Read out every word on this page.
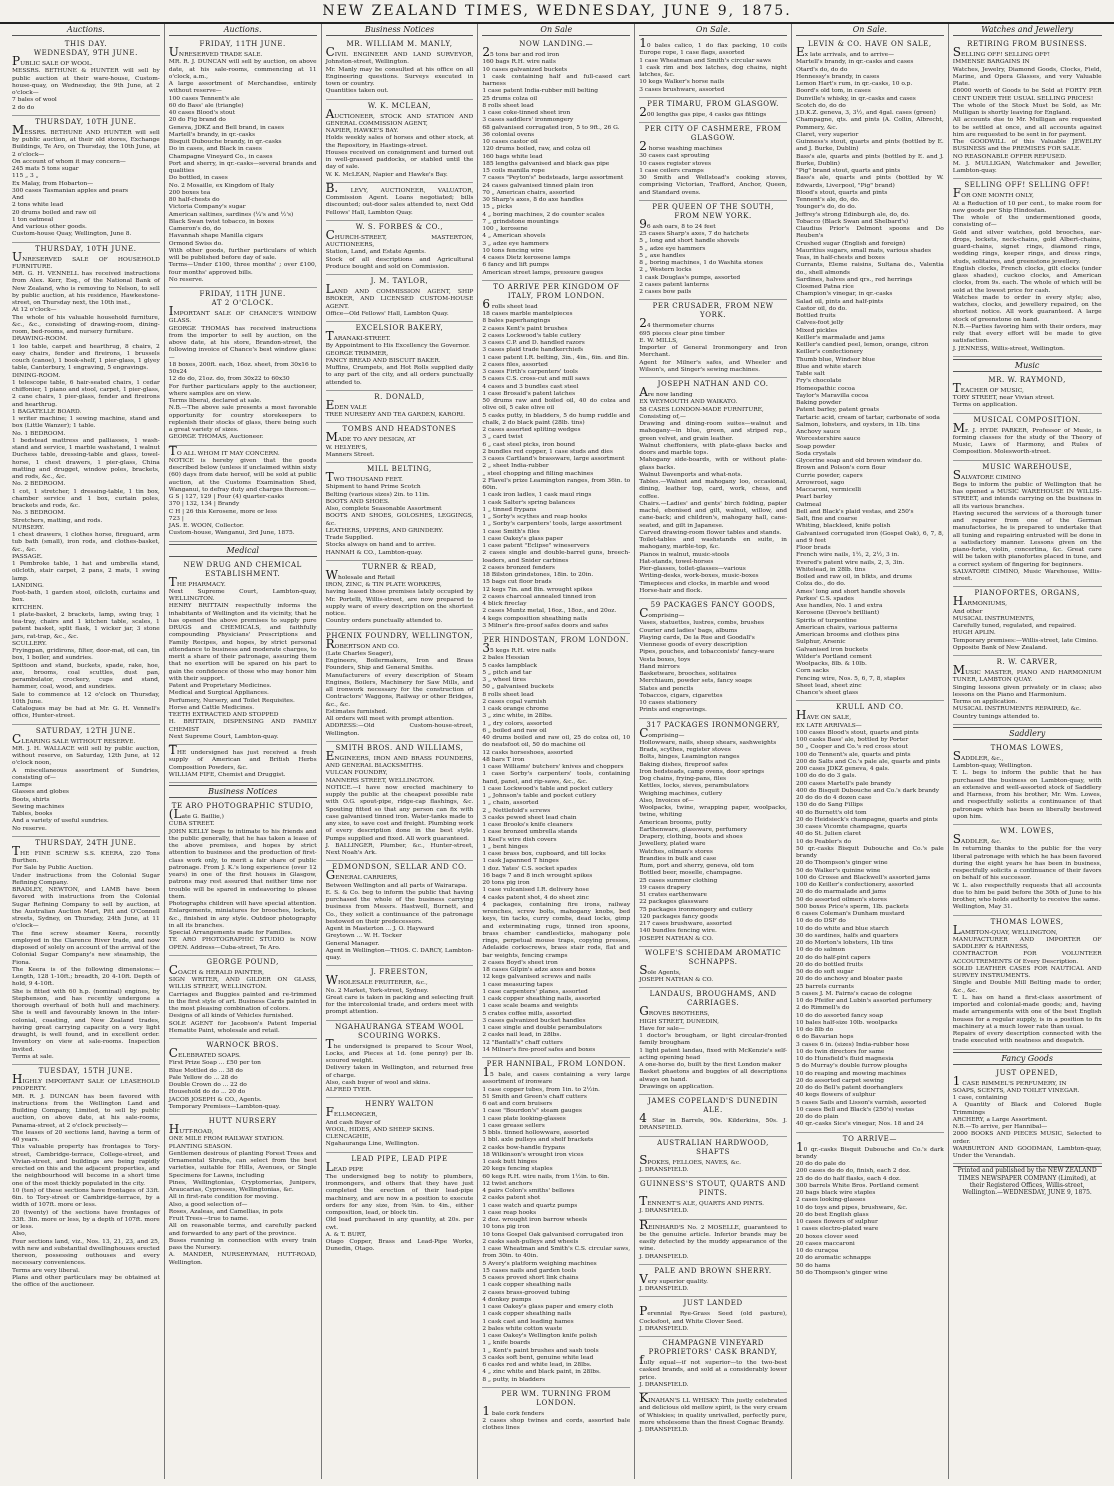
NEW ZEALAND TIMES, WEDNESDAY, JUNE 9, 1875.
Auctions.
THIS DAY.
WEDNESDAY, 9TH JUNE.
PUBLIC SALE OF WOOL.
MESSRS. BETHUNE & HUNTER will sell by public auction at their ware-house, Custom-house-quay, on Wednesday, the 9th June, at 2 o'clock—
7 bales of wool
2 do do
THURSDAY, 10TH JUNE.
MESSRS. BETHUNE AND HUNTER will sell by public auction, at their old stores, Exchange Buildings, Te Aro, on Thursday, the 10th June, at 2 o'clock—
On account of whom it may concern—
245 mats 5 tons sugar
115 „ 3 „
Ex Malay, from Hobarton—
300 cases Tasmanian apples and pears
And
2 tons white lead
20 drums boiled and raw oil
1 ton oatmeal
And various other goods.
Custom-house Quay, Wellington, June 8.
THURSDAY, 10TH JUNE.
UNRESERVED SALE OF HOUSEHOLD FURNITURE.
MR. G. H. VENNELL has received instructions from Alex. Kerr, Esq., of the National Bank of New Zealand, who is removing to Nelson, to sell by public auction, at his residence, Hawkestone-street, on Thursday next, the 10th inst.,
At 12 o'clock—
The whole of his valuable household furniture, &c., &c., consisting of drawing-room, dining-room, bed-rooms, and nursery furniture.
DRAWING-ROOM.
1 loo table, carpet and hearthrug, 8 chairs, 2 easy chairs, fender and fireirons, 1 brussels couch (canoe), 1 book-shelf, 1 pier-glass, 1 glyey table, Canterbury, 1 engraving, 5 engravings.
DINING-ROOM.
1 telescope table, 6 hair-seated chairs, 1 cedar chiffonier, 1 piano and stool, carpet, 1 pier-glass, 2 cane chairs, 1 pier-glass, fender and fireirons and hearthrug.
1 BAGATELLE BOARD.
1 writer machine; 1 sewing machine, stand and box (Little Wanzer); 1 table.
No. 1 BEDROOM.
1 bedstead mattress and palliasses, 1 wash-stand and service, 1 marble washstand, 1 walnut Duchess table, dressing-table and glass, towel-horse, 1 chest drawers, 1 pier-glass, China matting and drugget, window poles, brackets, and rods, &c., &c.
No. 2 BEDROOM.
1 cot, 1 stretcher, 1 dressing-table, 1 tin box, chamber service and 1 box, curtain poles, brackets and rods, &c.
No. 3 BEDROOM.
Stretchers, matting, and rods.
NURSERY.
1 chest drawers, 1 clothes horse, fireguard, arm tub bath (small), iron rods, and clothes-basket, &c., &c.
PASSAGE.
1 Pembroke table, 1 hat and umbrella stand, oilcloth, stair carpet, 2 pans, 2 mats, 1 swing lamp.
LANDING.
Foot-bath, 1 garden stool, oilcloth, curtains and box.
KITCHEN.
1 plate-basket, 2 brackets, lamp, swing tray, 1 tea-tray, chairs and 1 kitchen table, scales, 1 patent basket, split flask, 1 wicker jar, 3 stone jars, rat-trap, &c., &c.
SCULLERY.
Fryingpan, gridirons, filter, door-mat, oil can, tin box, 1 boiler, and sundries.
Spittoon and stand, buckets, spade, rake, hoe, axe, brooms, coal scuttles, dust pan, perambulator, crockery, cups and stand, hammer, coal, wood, and sundries.
Sale to commence at 12 o'clock on Thursday, 10th June.
Catalogues may be had at Mr. G. H. Vennell's office, Hunter-street.
SATURDAY, 12TH JUNE.
CLEARING SALE WITHOUT RESERVE.
MR. J. H. WALLACE will sell by public auction, without reserve, on Saturday, 12th June, at 12 o'clock noon,
A miscellaneous assortment of Sundries, consisting of—
Lamps
Glasses and globes
Boots, shirts
Sewing machines
Tables, books
And a variety of useful sundries.
No reserve.
THURSDAY, 24TH JUNE.
THE FINE SCREW S.S. KEERA, 220 Tons Burthen.
For Sale by Public Auction.
Under instructions from the Colonial Sugar Refining Company.
BRADLEY, NEWTON, and LAMB have been favored with instructions from the Colonial Sugar Refining Company to sell by auction, at the Australian Auction Mart, Pitt and O'Connell streets, Sydney, on Thursday, 24th June, at 11 o'clock—
The fine screw steamer Keera, recently employed in the Clarence River trade, and now disposed of solely on account of the arrival of the Colonial Sugar Company's new steamship, the Fiona.
The Keera is of the following dimensions:—Length, 128 1-10ft.; breadth, 20 4-10ft. Depth of hold, 9 4-10ft.
She is fitted with 60 h.p. (nominal) engines, by Stephenson, and has recently undergone a thorough overhaul of both hull and machinery. She is well and favourably known in the inter-colonial, coasting, and New Zealand trades, having great carrying capacity on a very light draught, is well found, and in excellent order. Inventory on view at sale-rooms. Inspection invited.
Terms at sale.
TUESDAY, 15TH JUNE.
HIGHLY IMPORTANT SALE OF LEASEHOLD PROPERTY.
MR. R. J. DUNCAN has been favored with instructions from the Wellington Land and Building Company, Limited, to sell by public auction, on above date, at his sale-rooms, Panama-street, at 2 o'clock precisely—
The leases of 20 sections land, having a term of 40 years.
This valuable property has frontages to Tory-street, Cambridge-terrace, College-street, and Vivian-street, and buildings are being rapidly erected on this and the adjacent properties, and the neighbourhood will become in a short time one of the most thickly populated in the city.
10 (ten) of these sections have frontages of 33ft. 6in. to Tory-street or Cambridge-terrace, by a width of 107ft. more or less.
20 (twenty) of the sections have frontages of 33ft. 3in. more or less, by a depth of 107ft. more or less.
Also,
Four sections land, viz., Nos. 13, 21, 23, and 25, with new and substantial dwellinghouses erected thereon, possessing outhouses and every necessary conveniences.
Terms are very liberal.
Plans and other particulars may be obtained at the office of the auctioneer.
Auctions.
FRIDAY, 11TH JUNE.
UNRESERVED TRADE SALE.
MR. R. J. DUNCAN will sell by auction, on above date, at his sale-rooms, commencing at 11 o'clock, a.m.,
A large assortment of Merchandise, entirely without reserve—
100 cases Tennent's ale
60 do Bass' ale (triangle)
40 cases Blood's stout
20 do Fig brand do
Geneva, JDKZ and Bell brand, in cases
Martell's brandy, in qr.-casks
Bisquit Dubouche brandy, in qr.-casks
Do in cases, and Black in cases
Champagne Vineyard Co., in cases
Port and sherry, in qr.-casks—several brands and qualities
Do bottled, in cases
No. 2 Mosaille, ex Kingdom of Italy
200 boxes tea
80 half-chests do
Victoria Company's sugar
American saltines, sardines (¼'s and ½'s)
Black Swan twist tobacco, in boxes
Cameron's do, do
Havannah shape Manilla cigars
Ormond Swiss do.
With other goods, further particulars of which will be published before day of sale.
Terms—Under £100, three months' ; over £100, four months' approved bills.
No reserve.
FRIDAY, 11TH JUNE.
AT 2 O'CLOCK.
IMPORTANT SALE OF CHANCE'S WINDOW GLASS.
GEORGE THOMAS has received instructions from the importer to sell by auction, on the above date, at his store, Brandon-street, the following invoice of Chance's best window glass:—
18 boxes, 200ft. each, 16oz. sheet, from 30x16 to 50x24
12 do do, 21oz. do, from 30x22 to 60x30
For further particulars apply to the auctioneer, where samples are on view.
Terms liberal, declared at sale.
N.B.—The above sale presents a most favorable opportunity for country storekeepers to replenish their stocks of glass, there being such a great variety of sizes.
GEORGE THOMAS, Auctioneer.
TO ALL WHOM IT MAY CONCERN.
NOTICE is hereby given that the goods described below (unless if unclaimed within sixty (60) days from date hereof, will be sold at public auction, at the Customs Examination Shed, Wanganui, to defray duty and charges thereon:—
G S | 127, 129 | Four (4) quarter-casks
370 | 132, 134 | Brandy
C H | 26 this Kerosene, more or less
723 |
JAS. E. WOON, Collector.
Custom-house, Wanganui, 3rd June, 1875.
Medical
NEW DRUG AND CHEMICAL ESTABLISHMENT.
THE PHARMACY.
Next Supreme Court, Lambton-quay, WELLINGTON.
HENRY BRITTAIN respectfully informs the inhabitants of Wellington and its vicinity, that he has opened the above premises to supply pure DRUGS and CHEMICALS, and faithfully compounding Physicians' Prescriptions and Family Recipes, and hopes, by strict personal attendance to business and moderate charges, to merit a share of their patronage, assuring them that no exertion will be spared on his part to gain the confidence of those who may honor him with their support.
Patent and Proprietary Medicines.
Medical and Surgical Appliances.
Perfumery, Nursery, and Toilet Requisites.
Horse and Cattle Medicines.
TEETH EXTRACTED AND STOPPED
H. BRITTAIN, DISPENSING AND FAMILY CHEMIST
Next Supreme Court, Lambton-quay.
THE undersigned has just received a fresh supply of American and British Herbs Composition Powders, &c.
WILLIAM FIFE, Chemist and Druggist.
Business Notices
TE ARO PHOTOGRAPHIC STUDIO,
(Late G. Baillie,)
CUBA STREET.
JOHN KELLY begs to intimate to his friends and the public generally, that he has taken a lease of the above premises, and hopes by strict attention to business and the production of first-class work only, to merit a fair share of public patronage. From J. K.'s long experience (over 12 years) in one of the first houses in Glasgow, patrons may rest assured that neither time nor trouble will be spared in endeavoring to please them.
Photographs children will have special attention. Enlargements, miniatures for brooches, lockets, &c., finished in any style. Outdoor photography in all its branches.
Special Arrangements made for Families.
TE ARO PHOTOGRAPHIC STUDIO is NOW OPEN. Address—Cuba-street, Te Aro.
GEORGE POUND,
COACH & HERALD PAINTER,
SIGN WRITER, AND GILDER ON GLASS, WILLIS STREET, WELLINGTON.
Carriages and Buggies painted and re-trimmed in the first style of art. Business Cards painted in the most pleasing combination of colors.
Designs of all kinds of Vehicles furnished.
SOLE AGENT for Jacobson's Patent Imperial Hematite Paint, wholesale and retail.
WARNOCK BROS.
CELEBRATED SOAPS.
First Prize Soap ... £50 per ton
Blue Mottled do ... 38 do
Pale Yellow do ... 28 do
Double Crown do ... 22 do
Household do do ... 20 do
JACOB JOSEPH & CO., Agents.
Temporary Premises—Lambton-quay.
HUTT NURSERY
HUTT-ROAD,
ONE MILE FROM RAILWAY STATION.
PLANTING SEASON.
Gentlemen desirous of planting Forest Trees and Ornamental Shrubs, can select from the best varieties, suitable for Hills, Avenues, or Single Specimens for Lawns, including
Pines, Wellingtonias, Cryptomerias, Junipers, Araucarias, Cypresses, Wellingtonias, &c.
All in first-rate condition for moving.
Also, a good selection of—
Roses, Azaleas, and Camellias, in pots
Fruit Trees—true to name.
All on reasonable terms, and carefully packed and forwarded to any part of the province.
Buses running in connection with every train pass the Nursery.
A. MANDER, NURSERYMAN, HUTT-ROAD, Wellington.
Business Notices
MR. WILLIAM M. MANLY,
CIVIL ENGINEER AND LAND SURVEYOR, Johnston-street, Wellington.
Mr. Manly may be consulted at his office on all Engineering questions. Surveys executed in town or country.
Quantities taken out.
W. K. MCLEAN,
AUCTIONEER, STOCK AND STATION AND GENERAL COMMISSION AGENT,
NAPIER, HAWKE'S BAY.
Holds weekly sales of horses and other stock, at the Repository, in Hastings-street.
Houses received on consignment and turned out in well-grassed paddocks, or stabled until the day of sale.
W. K. McLEAN, Napier and Hawke's Bay.
B. LEVY, AUCTIONEER, VALUATOR, Commission Agent. Loans negotiated; bills discounted; out-door sales attended to, next Odd Fellows' Hall, Lambton Quay.
W. S. FORBES & CO.,
CHURCH-STREET, MASTERTON, AUCTIONEERS,
Station, Land, and Estate Agents.
Stock of all descriptions and Agricultural Produce bought and sold on Commission.
J. M. TAYLOR,
LAND AND COMMISSION AGENT, SHIP BROKER, AND LICENSED CUSTOM-HOUSE AGENT.
Office—Old Fellows' Hall, Lambton Quay.
EXCELSIOR BAKERY,
TARANAKI-STREET.
By Appointment to His Excellency the Governor.
GEORGE TRIMMER,
FANCY BREAD AND BISCUIT BAKER.
Muffins, Crumpets, and Hot Rolls supplied daily to any part of the city, and all orders punctually attended to.
R. DONALD,
EDEN VALE
TREE NURSERY AND TEA GARDEN, KARORI.
TOMBS AND HEADSTONES
MADE TO ANY DESIGN, AT
W. HELYER'S,
Manners Street.
MILL BELTING,
TWO THOUSAND FEET.
Shipment to hand Prime Scotch
Belting (various sizes) 2in. to 11in.
BOOTS AND SHOES.
Also, complete Seasonable Assortment
BOOTS AND SHOES, GOLOSHES, LEGGINGS, &c.
LEATHERS, UPPERS, AND GRINDERY.
Trade Supplied.
Stocks always on hand and to arrive.
HANNAH & CO., Lambton-quay.
TURNER & READ,
Wholesale and Retail
IRON, ZINC, & TIN PLATE WORKERS,
having leased those premises lately occupied by Mr. Portelli, Willis-street, are now prepared to supply ware of every description on the shortest notice.
Country orders punctually attended to.
PHŒNIX FOUNDRY, WELLINGTON,
ROBERTSON AND CO.
(Late Charles Seager),
Engineers, Boilermakers, Iron and Brass Founders, Ship and General Smiths.
Manufacturers of every description of Steam Engines, Boilers, Machinery for Saw Mills, and all ironwork necessary for the construction of Contractors' Waggons, Railway or other Bridges, &c., &c.
Estimates furnished.
All orders will meet with prompt attention.
ADDRESS:—Old Custom-house-street, Wellington.
SMITH BROS. AND WILLIAMS,
ENGINEERS, IRON AND BRASS FOUNDERS, AND GENERAL BLACKSMITHS.
VULCAN FOUNDRY,
MANNERS STREET, WELLINGTON.
NOTICE.—I have now erected machinery to supply the public at the cheapest possible rate with O.G. spout-pipe, ridge-cap flashings, &c. Spouting fitted so that any person can fix with case galvanised tinned iron. Water-tanks made to any size, to save cost and freight. Plumbing work of every description done in the best style. Pumps supplied and fixed. All work guaranteed.
J. BALLINGER, Plumber, &c., Hunter-street, Next Noah's Ark.
EDMONDSON, SELLAR AND CO.
GENERAL CARRIERS,
Between Wellington and all parts of Wairarapa.
E. S. & Co. beg to inform the public that having purchased the whole of the business carrying business from Messrs. Hastwell, Burnett, and Co., they solicit a continuance of the patronage bestowed on their predecessors.
Agent in Masterton ... J. O. Hayward
Greytown ... W. H. Tocker
General Manager.
Agent in Wellington—THOS. C. DARCY, Lambton-quay.
J. FREESTON,
WHOLESALE FRUITERER, &c.,
No. 2 Market, York-street, Sydney.
Great care is taken in packing and selecting fruit for the intercolonial trade, and orders meet with prompt attention.
NGAHAURANGA STEAM WOOL SCOURING WORKS.
The undersigned is prepared to Scour Wool, Locks, and Pieces at 1d. (one penny) per lb. scoured weight.
Delivery taken in Wellington, and returned free of charge.
Also, cash buyer of wool and skins.
ALFRED TYER.
HENRY WALTON
FELLMONGER,
And cash Buyer of
WOOL, HIDES, AND SHEEP SKINS.
CLENCAGHIE,
Ngahauranga Line, Wellington.
LEAD PIPE, LEAD PIPE
LEAD PIPE
The undersigned beg to notify to plumbers, ironmongers, and others that they have just completed the erection of their lead-pipe machinery, and are now in a position to execute orders for any size, from ⅜in. to 4in., either composition, lead, or block tin.
Old lead purchased in any quantity, at 20s. per cwt.
A. & T. BURT,
Otago Copper, Brass and Lead-Pipe Works, Dunedin, Otago.
On Sale
NOW LANDING.—
25 tons bar and rod iron
160 bags R.H. wire nails
10 cases galvanized buckets
1 cask containing half and full-cased cart harness
1 case patent India-rubber mill belting
25 drums colza oil
8 rolls sheet lead
1 case coke-tinned sheet iron
3 cases saddlers' ironmongery
68 galvanised corrugated iron, 5 to 9ft., 26 G.
36 colonial ovens
10 cases castor oil
120 drums boiled, raw, and colza oil
160 bags white lead
185 lengths galvanised and black gas pipe
15 coils manilla rope
7 cases "Peyton's" bedsteads, large assortment
24 cases galvanised tinned plain iron
70 „ American chairs, assorted
30 Sharp's axes, 8 do axe handles
15 „ picks
4 „ boring machines, 2 do counter scales
7 „ grindstone mountings
100 „ kerosene
4 „ American shovels
3 „ adze eye hammers
10 tons fencing wire
4 cases Dietz kerosene lamps
6 fancy and lift pumps
American street lamps, pressure gauges
TO ARRIVE PER KINGDOM OF ITALY, FROM LONDON.
6 rolls sheet lead
18 cases marble mantelpieces
8 bales paperhangings
2 cases Kent's paint brushes
2 cases Lockwood's table cutlery
3 cases C.P. and D. handled razors
3 cases plaid trade handkerchiefs
1 case patent I.R. belting, 3in., 4in., 6in. and 8in.
2 cases files, assorted
3 cases Firth's carpenters' tools
5 cases C.S. cross-cut and mill saws
4 cases and 3 bundles cast steel
1 case Brosaid's patent latches
50 drums raw and boiled oil, 40 do colza and olive oil, 5 cake olive oil
5 casks putty, in bladders, 5 do hump ruddle and chalk, 2 do black paint (28lb. tins)
2 cases assorted spliting wedges
3 „ card twist
6 „ cast steel picks, iron bound
2 bundles red copper, 1 case studs and dies
3 cases Cartland's brassware, large assortment
2 „ sheet India-rubber
„ steel chopping and filling machines
2 Flavel's prize Leamington ranges, from 36in. to 60in.
1 cask iron ladles, 1 cask maul rings
1 cask Salter's spring balances
1 „ tinned frypans
1 „ Sorby's scythes and reap hooks
1 „ Sorby's carpenters' tools, large assortment
1 case Smith's files
1 case Oakey's glass paper
1 case patent "Eclipse" wineservers
2 cases single and double-barrel guns, breech-loaders, and Snider carbines
2 cases bronzed fenders
18 Bilston grindstones, 18in. to 20in.
15 bags cut floor brads
12 kegs 7in. and 8in. wrought spikes
2 cases charcoal annealed tinned iron
4 blick fireclay
2 cases Muntz metal, 16oz., 18oz., and 20oz.
4 kegs composition sheathing nails
3 Milner's fire-proof safes doors and safes
PER HINDOSTAN, FROM LONDON.
35 kegs R.H. wire nails
2 bales Hessian
5 casks lampblack
5 „ pitch and tar
3 „ wheel tires
50 „ galvanised buckets
8 rolls sheet lead
2 cases copal varnish
1 cask orange chrome
3 „ zinc white, in 28lbs.
1 „ dry colors, assorted
6 „ boiled and raw oil
40 drums boiled and raw oil, 25 do colza oil, 10 do neatsfoot oil, 50 do machine oil
12 casks horseshoes, assorted
48 bars T iron
1 case Williams' butchers' knives and choppers
1 case Sorby's carpenters' tools, containing hand, panel, and rip-saws, &c., &c.
1 case Lockwood's table and pocket cutlery
1 „ Johnson's table and pocket cutlery
1 „ chain, assorted
2 „ Nettlefold's screws
3 casks pewed sheet lead chain
1 case Brooks's knife cleaners
1 case bronzed umbrella stands
1 Keel's wire dish covers
1 „ bent hinges
1 case brass box, cupboard, and till locks
1 cask Japanned T hinges
1 doz. Yates' C.S. socket spades
16 bags 7 and 8 inch wrought spikes
20 tons pig iron
1 case vulcanised I.R. delivery hose
4 casks patent shot, 4 do sheet zinc
4 packages, containing fire irons, railway wrenches, screw bolts, mahogany knobs, bed keys, tin tacks, curry combs, dead locks, gimp and exterminating rugs, tinned iron spoons, brass chamber candlesticks, mahogany pole rings, perpetual mouse traps, copying presses, Adelaide corkscrews, brass stair rods, flat and bar weights, fencing cramps
2 cases Boyd's sheet iron
18 cases Gilpin's adze axes and boxes
12 kegs galvanised screws and nails
1 case measuring tapes
1 case carpenters' planes, assorted
1 cask copper sheathing nails, assorted
1 case scale beams and weights
5 crates coffee mills, assorted
3 cases galvanized bucket handles
1 case single and double perambulators
2 casks nail lead, in 28lbs.
12 "Bantall's" chaff cutters
14 Milner's fire-proof safes and boxes
PER HANNIBAL, FROM LONDON.
15 bale, and cases containing a very large assortment of ironware
1 case copper tubes, from 1in. to 2½in.
51 Smith and Green's chaff cutters
6 oat and corn bruisers
1 case "Bourdon's" steam gauges
1 case plate looking-glasses
1 case grease sellers
5 bbls. tinned hollowware, assorted
1 bbl. axle pulleys and shelf brackets
2 casks bow-handle frypans
18 Wilkinson's wrought iron vices
1 cask butt hinges
20 kegs fencing staples
60 kegs R.H. wire nails, from 1½in. to 6in.
12 twist anchors
4 pairs Colon's smiths' bellows
2 casks patent shot
1 case watch and quartz pumps
1 case reap hooks
2 doz. wrought iron barrow wheels
10 tons pig iron
10 tons Gospel Oak galvanised corrugated iron
2 casks sash-pulleys and wheels
1 case Wheatman and Smith's C.S. circular saws, from 30in. to 40in.
5 Avery's platform weighing machines
15 cases nails and garden tools
5 cases proved short link chains
1 cask copper sheathing nails
2 cases brass-grooved tubing
4 donkey pumps
1 case Oakey's glass paper and emery cloth
1 cask copper sheathing nails
1 cask cast and leading hames
2 bales white cotton waste
1 case Oakey's Wellington knife polish
1 „ knife boards
1 „ Kent's paint brushes and sash tools
3 casks soft bent, genuine white lead
6 casks red and white lead, in 28lbs.
4 „ zinc white and black paint, in 28lbs.
8 „ putty, in bladders
PER WM. TURNING FROM LONDON.
1 bale cork fenders
2 cases shop twines and cords, assorted bale clothes lines
On Sale.
10 bales calico, 1 do flax packing, 10 coils Europe rope, 1 case flags, assorted
1 case Wheatman and Smith's circular saws
1 cask rim and box latches, dog chains, night latches, &c.
10 kegs Walker's horse nails
3 cases brushware, assorted
PER TIMARU, FROM GLASGOW.
200 lengths gas pipe, 4 casks gas fittings
PER CITY OF CASHMERE, FROM GLASGOW.
2 horse washing machines
30 cases cast sprouting
10 cases register stoves
1 case ceilers cramps
30 Smith and Wellstead's cooking stoves, comprising Victorian, Trafford, Anchor, Queen, and Standard ovens.
PER QUEEN OF THE SOUTH, FROM NEW YORK.
96 ash oars, 8 to 24 feet
25 cases Sharp's axes, 7 do hatchets
5 „ long and short handle shovels
5 „ adze eye hammers
5 „ axe handles
8 „ boring machines, 1 do Washita stones
2 „ Western locks
1 cask Douglas's pumps, assorted
2 cases patent lanterns
2 cases bow pails
PER CRUSADER, FROM NEW YORK.
24 thermometer churns
695 pieces clear pine timber
E. W. MILLS,
Importer of General Ironmongery and Iron Merchant.
Agent for Milner's safes, and Wheeler and Wilson's, and Singer's sewing machines.
JOSEPH NATHAN AND CO.
Are now landing
EX WEYMOUTH AND WAIKATO.
58 CASES LONDON-MADE FURNITURE,
Consisting of,—
Drawing and dining-room suites—walnut and mahogany—in blue, green, and striped rep., green velvet, and grain leather.
Walnut cheffoniers, with plate-glass backs and doors and marble tops.
Mahogany side-boards, with or without plate-glass backs.
Walnut Davenports and what-nots.
Tables.—Walnut and mahogany loo, occasional, dining, leather top, card, work, chess, and coffee.
Chairs.—Ladies' and gents' birch folding, papier maché, ebonised and gilt, walnut, willow, and cane-back; and children's, mahogany hall, cane-seated, and gilt in Japanese.
Carved drawing-room flower tables and stands.
Toilet-tables and washstands en suite, in mahogany, marble-top, &c.
Pianos in walnut, music-stools
Hat-stands, towel-horses
Pier-glasses, toilet-glasses—various
Writing-desks, work-boxes, music-boxes
Timepieces and clocks, in marble and wood
Horse-hair and flock.
59 PACKAGES FANCY GOODS,
Comprising—
Vases, statuettes, lustres, combs, brushes
Courier and ladies' bags, albums
Playing cards, De la Rue and Goodall's
Viennese goods of every description
Pipes, pouches, and tobacconists' fancy-ware
Vesta boxes, toys
Hand mirrors
Basketware, brooches, solitaires
Merchiaum, powder sets, fancy soaps
Slates and pencils
Tobaccos, cigars, cigarettes
10 cases stationery
Prints and engravings.
317 PACKAGES IRONMONGERY,
Comprising—
Hollowware, nails, sheep shears, sashweights
Brads, scythes, register stoves
Bolts, hinges, Leamington ranges
Baking dishes, fireproof safes
Iron bedsteads, camp ovens, door springs
Dog chains, frying-pans, files
Kettles, locks, sieves, perambulators
Weighing machines, cutlery
Also, Invoices of—
Woolpacks, twine, wrapping paper, woolpacks, twine, whiting
American brooms, putty
Earthenware, glassware, perfumery
Drapery, clothing, boots and shoes
Jewellery, plated ware
Watches, oilman's stores
Brandies in bulk and case
Rum, port and sherry, geneva, old tom
Bottled beer, moselle, champagne.
25 cases summer clothing
19 cases drapery
51 crates earthenware
22 packages glassware
75 packages ironmongery and cutlery
120 packages fancy goods
217 cases brushware, assorted
140 bundles fencing wire.
JOSEPH NATHAN & CO.
WOLFE'S SCHIEDAM AROMATIC SCHNAPPS.
Sole Agents,
JOSEPH NATHAN & CO.
LANDAUS, BROUGHAMS, AND CARRIAGES.
GROVES BROTHERS,
HIGH STREET, DUNEDIN,
Have for sale—
1 doctor's brougham, or light circular-fronted family brougham
1 light patent landau, fixed with McKenzie's self-acting opening head
A one-horse do, built by the first London maker
Basket phaetons and buggies of all descriptions always on hand.
Drawings on application.
JAMES COPELAND'S DUNEDIN ALE.
4 Star in Barrels, 90s. Kilderkins, 50s. J. DRANSFIELD.
AUSTRALIAN HARDWOOD, SHAFTS
SPOKES, FELLOES, NAVES, &c.
J. DRANSFIELD.
GUINNESS'S STOUT, QUARTS AND PINTS.
TENNENT'S ALE, QUARTS AND PINTS.
J. DRANSFIELD.
REINHARD'S No. 2 MOSELLE, guaranteed to be the genuine article. Inferior brands may be easily detected by the muddy appearance of the wine.
J. DRANSFIELD.
PALE AND BROWN SHERRY.
Very superior quality.
J. DRANSFIELD.
JUST LANDED
Perennial Rye-Grass Seed (old pasture), Cocksfoot, and White Clover Seed.
J. DRANSFIELD.
CHAMPAGNE VINEYARD PROPRIETORS' CASK BRANDY,
fully equal—if not superior—to the two-best casked brands, and sold at a considerably lower price.
J. DRANSFIELD.
KINAHAN'S LL WHISKY: This justly celebrated and delicious old mellow spirit, is the very cream of Whiskies; in quality unrivalled, perfectly pure, more wholesome than the finest Cognac Brandy.
J. DRANSFIELD.
On Sale.
LEVIN & CO. HAVE ON SALE,
Ex late arrivals, and to arrive—
Martell's brandy, in qr.-casks and cases
Otard's do, do do
Hennessy's brandy, in cases
Lemon Hart's rum, in qr.-casks, 10 o.p.
Boord's old tom, in cases
Dunville's whisky, in qr.-casks and cases
Scotch do, do do
J.D.K.Z. geneva, 3, 3½, and 4gal. cases (green)
Champagne, qts. and pints (A. Collin, Albrecht, Pommery, &c.
Claret, very superior
Guinness's stout, quarts and pints (bottled by E. and J. Burke, Dublin)
Bass's ale, quarts and pints (bottled by E. and J. Burke, Dublin)
"Pig" brand stout, quarts and pints
Bass's ale, quarts and pints (bottled by W. Edwards, Liverpool, "Pig" brand)
Blood's stout, quarts and pints
Tennent's ale, do, do.
Younger's do, do do.
Jeffrey's strong Edinburgh ale, do, do.
Tobacco (Black Swan and Shelbard's)
Claudius Prior's Delmont spoons and Do Reuben's
Crushed sugar (English and foreign)
Mauritius sugars, small mats, various shades
Teas, in half-chests and boxes
Currants, Eleme raisins, Sultana do., Valentia do., shell almonds
Sardines, halves and qrs., red herrings
Closmed Patna rice
Champion's vinegar, in qr.-casks
Salad oil, pints and half-pints
Castor oil, do do.
Bottled fruits
Calves-foot jelly
Mixed pickles
Keiller's marmalade and jams
Keiller's candied peel, lemon, orange, citron
Keiller's confectionery
Thumb blue, Windsor blue
Blue and white starch
Table salt
Fry's chocolate
Homeopathic cocoa
Taylor's Maravilla cocoa
Baking powder
Patent barley, patent groats
Tartaric acid, cream of tartar, carbonate of soda
Salmon, lobsters, and oysters, in 1lb. tins
Anchovy sauce
Worcestershire sauce
Soap powder
Soda crystals
Glycerine soap and old brown windsor do.
Brown and Polson's corn flour
Currie powder, capers
Arrowroot, sago
Maccaroni, vermicelli
Pearl barley
Oatmeal
Bell and Black's plaid vestas, and 250's
Salt, fine and coarse
Whiting, blackleed, knife polish
Galvanised corrugated iron (Gospel Oak), 6, 7, 8, and 9 feet
Floor brads
French wire nails, 1½, 2, 2½, 3 in.
Evered's patent wire nails, 2, 3, 3in.
Whitelead, in 28lb. tins
Boiled and raw oil, in blkts, and drums
Colza do., do do.
Ames' long and short handle shovels
Parkes' C.S. spades
Axe handles, No. 1 and extra
Kerosene (Devoe's brilliant)
Spirits of turpentine
American chairs, various patterns
American brooms and clothes pins
Sulphur, Arsenic
Galvanised iron buckets
Wilder's Portland cement
Woolpacks, 8lb. & 10lb.
Corn sacks
Fencing wire, Nos. 5, 6, 7, 8, staples
Sheet lead, sheet zinc
Chance's sheet glass
KRULL AND CO.
HAVE ON SALE,
EX LATE ARRIVALS—
100 cases Blood's stout, quarts and pints
100 casks Bass' ale, bottled by Porter
50 „ Cooper and Co.'s red cross stout
100 do Tennent's ale, quarts and pints
200 do Salts and Co.'s pale ale, quarts and pints
200 cases JDKZ geneva, 4 gals.
100 do do do 3 gals.
200 cases Martell's pale brandy
400 do Bisquit Dubouche and Co.'s dark brandy
20 do do do 4 dozen case
150 do do Sang Fillips
40 do Burnett's old tom
20 do Heidsieck's champagne, quarts and pints
30 cases Vicomte champagne, quarts
40 do St. Julien claret
10 do Peabler's do
50 qr.-casks Bisquit Dubouche and Co.'s pale brandy
20 do Thompson's ginger wine
50 do Walker's quinine wine
100 do Crosse and Blackwell's assorted jams
100 do Keiller's confectionery, assorted
20 do do marmalade and jams
50 do assorted oilmen's stores
500 boxes Price's sperm, 1lb. packets
6 cases Coleman's Dunham mustard
10 do do DSF do
10 do do white and blue starch
30 do sardines, halfs and quarters
20 do Morton's lobsters, 1lb tins
10 do do salmon
20 do do half-pint capers
20 do do bottled fruits
50 do do soft sugar
20 do do anchovy and bloater paste
25 barrels currants
5 cases J. M. Fairns's cacao de cologne
10 do Pfeifer and Lubin's assorted perfumery
2 do Rimmell's do
10 do do assorted fancy soap
10 bales half-size 10lb. woolpacks
10 do 8lb do
6 do Bavarian hops
3 cases 6 in. (sizes) India-rubber hose
10 do twin directors for same
10 do Hunsfield's fluid magnesia
5 do Murray's double furrow ploughs
10 do reaping and mowing machines
20 do assorted carpet sewing
20 do do Bell's patent doorhanglers
40 kegs flowers of sulphur
5 cases Sails and Lisson's varnish, assorted
10 cases Bell and Black's (250's) vestas
20 do do plain
40 qr.-casks Sice's vinegar, Nos. 18 and 24
TO ARRIVE—
10 qr.-casks Bisquit Dubouche and Co.'s dark brandy
20 do do pale do
200 cases do do do, finish, each 2 doz.
25 do do do half flasks, each 4 doz.
300 barrels White Bros. Portland cement
20 bags black wire staples
2 cases looking-glasses
10 do toys and pipes, brushware, &c.
20 do best English glass
10 cases flowers of sulphur
1 cases electro-plated ware
20 boxes clover seed
20 cases maccaroni
10 do curaçoa
20 do aromatic schnapps
50 do hams
50 do Thompson's ginger wine
Watches and Jewellery
RETIRING FROM BUSINESS.
SELLING OFF! SELLING OFF!
IMMENSE BARGAINS IN
Watches, Jewelry, Diamond Goods, Clocks, Field, Marine, and Opera Glasses, and very Valuable Plate.
£6000 worth of Goods to be Sold at FORTY PER CENT UNDER THE USUAL SELLING PRICES!
The whole of the Stock Must be Sold, as Mr. Mulligan is shortly leaving for England.
All accounts due to Mr. Mulligan are requested to be settled at once, and all accounts against him are requested to be sent in for payment.
The GOODWILL of this Valuable JEWELRY BUSINESS and the PREMISES FOR SALE.
NO REASONABLE OFFER REFUSED.
M. J. MULLIGAN, Watchmaker and Jeweller, Lambton-quay.
SELLING OFF! SELLING OFF!
FOR ONE MONTH ONLY,
At a Reduction of 10 per cent., to make room for new goods per Ship Hindostan.
The whole of the undermentioned goods, consisting of—
Gold and silver watches, gold brooches, ear-drops, lockets, neck-chains, gold Albert-chains, guard-chains, signet rings, diamond rings, wedding rings, keeper rings, and dress rings, studs, solitaires, and greenstone jewellery.
English clocks, French clocks, gilt clocks (under glass shades), cuckoo clocks, and American clocks, from 9s. each. The whole of which will be sold at the lowest price for cash.
Watches made to order in every style; also, watches, clocks, and jewellery repaired, on the shortest notice. All work guaranteed. A large stock of greenstone on hand.
N.B.—Parties favoring him with their orders, may rely that every effort will be made to give satisfaction.
J. JENNESS, Willis-street, Wellington.
Music
MR. W. RAYMOND,
TEACHER OF MUSIC,
TORY STREET, near Vivian street.
Terms on application.
MUSICAL COMPOSITION.
Mr. J. HYDE PARKER, Professor of Music, is forming classes for the study of the Theory of Music, Laws of Harmony, and Rules of Composition. Molesworth-street.
MUSIC WAREHOUSE,
SALVATORE CIMINO
Begs to inform the public of Wellington that he has opened a MUSIC WAREHOUSE IN WILLIS-STREET, and intends carrying on the business in all its various branches.
Having secured the services of a thorough tuner and repairer from one of the German manufactories, he is prepared to undertake that all tuning and repairing entrusted will be done in a satisfactory manner. Lessons given on the piano-forte, violin, concertina, &c. Great care will be taken with pianofortes placed in tune, and a correct system of fingering for beginners.
SALVATORE CIMINO, Music Warehouse, Willis-street.
PIANOFORTES, ORGANS,
HARMONIUMS,
And other
MUSICAL INSTRUMENTS,
Carefully tuned, regulated, and repaired.
HUGH APLIN.
Temporary premises:—Willis-street, late Cimino.
Opposite Bank of New Zealand.
R. W. CARVER,
MUSIC MASTER, PIANO AND HARMONIUM TUNER, LAMBTON QUAY.
Singing lessons given privately or in class; also lessons on the Piano and Harmonium.
Terms on application.
MUSICAL INSTRUMENTS REPAIRED, &c.
Country tunings attended to.
Saddlery
THOMAS LOWES,
SADDLER, &c.,
Lambton-quay, Wellington.
T. L. begs to inform the public that he has purchased the business on Lambton-quay, with an extensive and well-assorted stock of Saddlery and Harness, from his brother, Mr. Wm. Lowes, and respectfully solicits a continuance of that patronage which has been so liberally bestowed upon him.
WM. LOWES,
SADDLER, &c.
In returning thanks to the public for the very liberal patronage with which he has been favored during the eight years he has been in business, respectfully solicits a continuance of their favors on behalf of his successor.
W. L. also respectfully requests that all accounts due to him be paid before the 30th of June to his brother, who holds authority to receive the same.
Wellington, May 31.
THOMAS LOWES,
LAMBTON-QUAY, WELLINGTON,
MANUFACTURER AND IMPORTER OF SADDLERY & HARNESS,
CONTRACTOR FOR VOLUNTEER ACCOUTREMENTS Of Every Description.
SOLID LEATHER CASES FOR NAUTICAL AND SURVEY INSTRUMENTS.
Single and Double Mill Belting made to order, &c., &c.
T. L. has on hand a first-class assortment of imported and colonial-made goods; and, having made arrangements with one of the best English houses for a regular supply, is in a position to fix machinery at a much lower rate than usual.
Repairs of every description connected with the trade executed with neatness and despatch.
Fancy Goods
JUST OPENED,
1 CASE RIMMEL'S PERFUMERY, IN
SOAPS, SCENTS, AND TOILET VINEGAR.
1 case, containing
A Quantity of Black and Colored Bugle Trimmings
ARCHERY, a Large Assortment.
N.B.—To arrive, per Hannibal—
2000 BOOKS AND PIECES MUSIC, Selected to order.
WARBURTON AND GOODMAN, Lambton-quay, Under the Verandah.
Printed and published by the NEW ZEALAND TIMES NEWSPAPER COMPANY (Limited), at their Registered Offices, Willis-street, Wellington.—WEDNESDAY, JUNE 9, 1875.
